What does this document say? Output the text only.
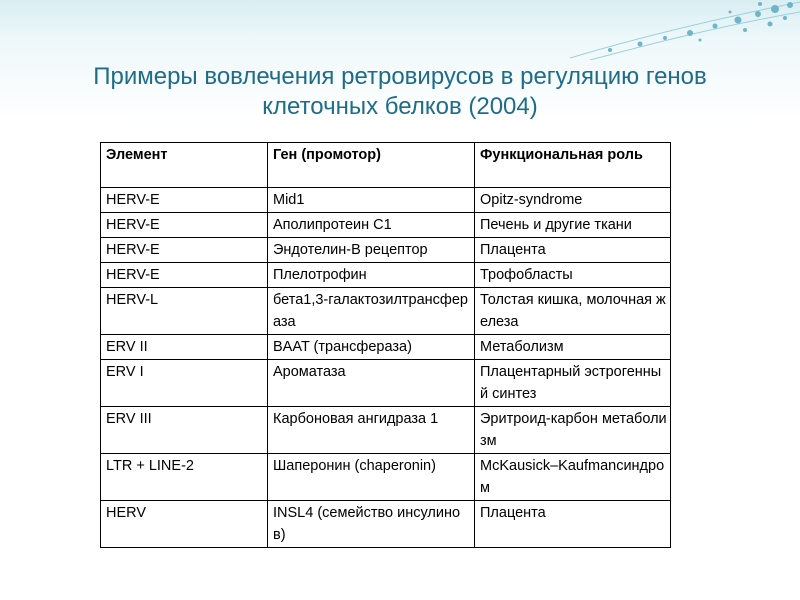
Примеры вовлечения ретровирусов в регуляцию генов
клеточных белков (2004)
Элемент	Ген (промотор)	Функциональная роль
HERV-E	Mid1	Opitz-syndrome
HERV-E	Аполипротеин С1	Печень и другие ткани
HERV-E	Эндотелин-В рецептор	Плацента
HERV-E	Плелотрофин	Трофобласты
HERV-L	бета1,3-галактозилтрансфераза	Толстая кишка, молочная железа
ERV II	BAAT (трансфераза)	Метаболизм
ERV I	Ароматаза	Плацентарный эстрогенный синтез
ERV III	Карбоновая ангидраза 1	Эритроид-карбон метаболизм
LTR + LINE-2	Шаперонин (chaperonin)	McKausick–Kaufmancиндром
HERV	INSL4 (семейство инсулинов)	Плацента
